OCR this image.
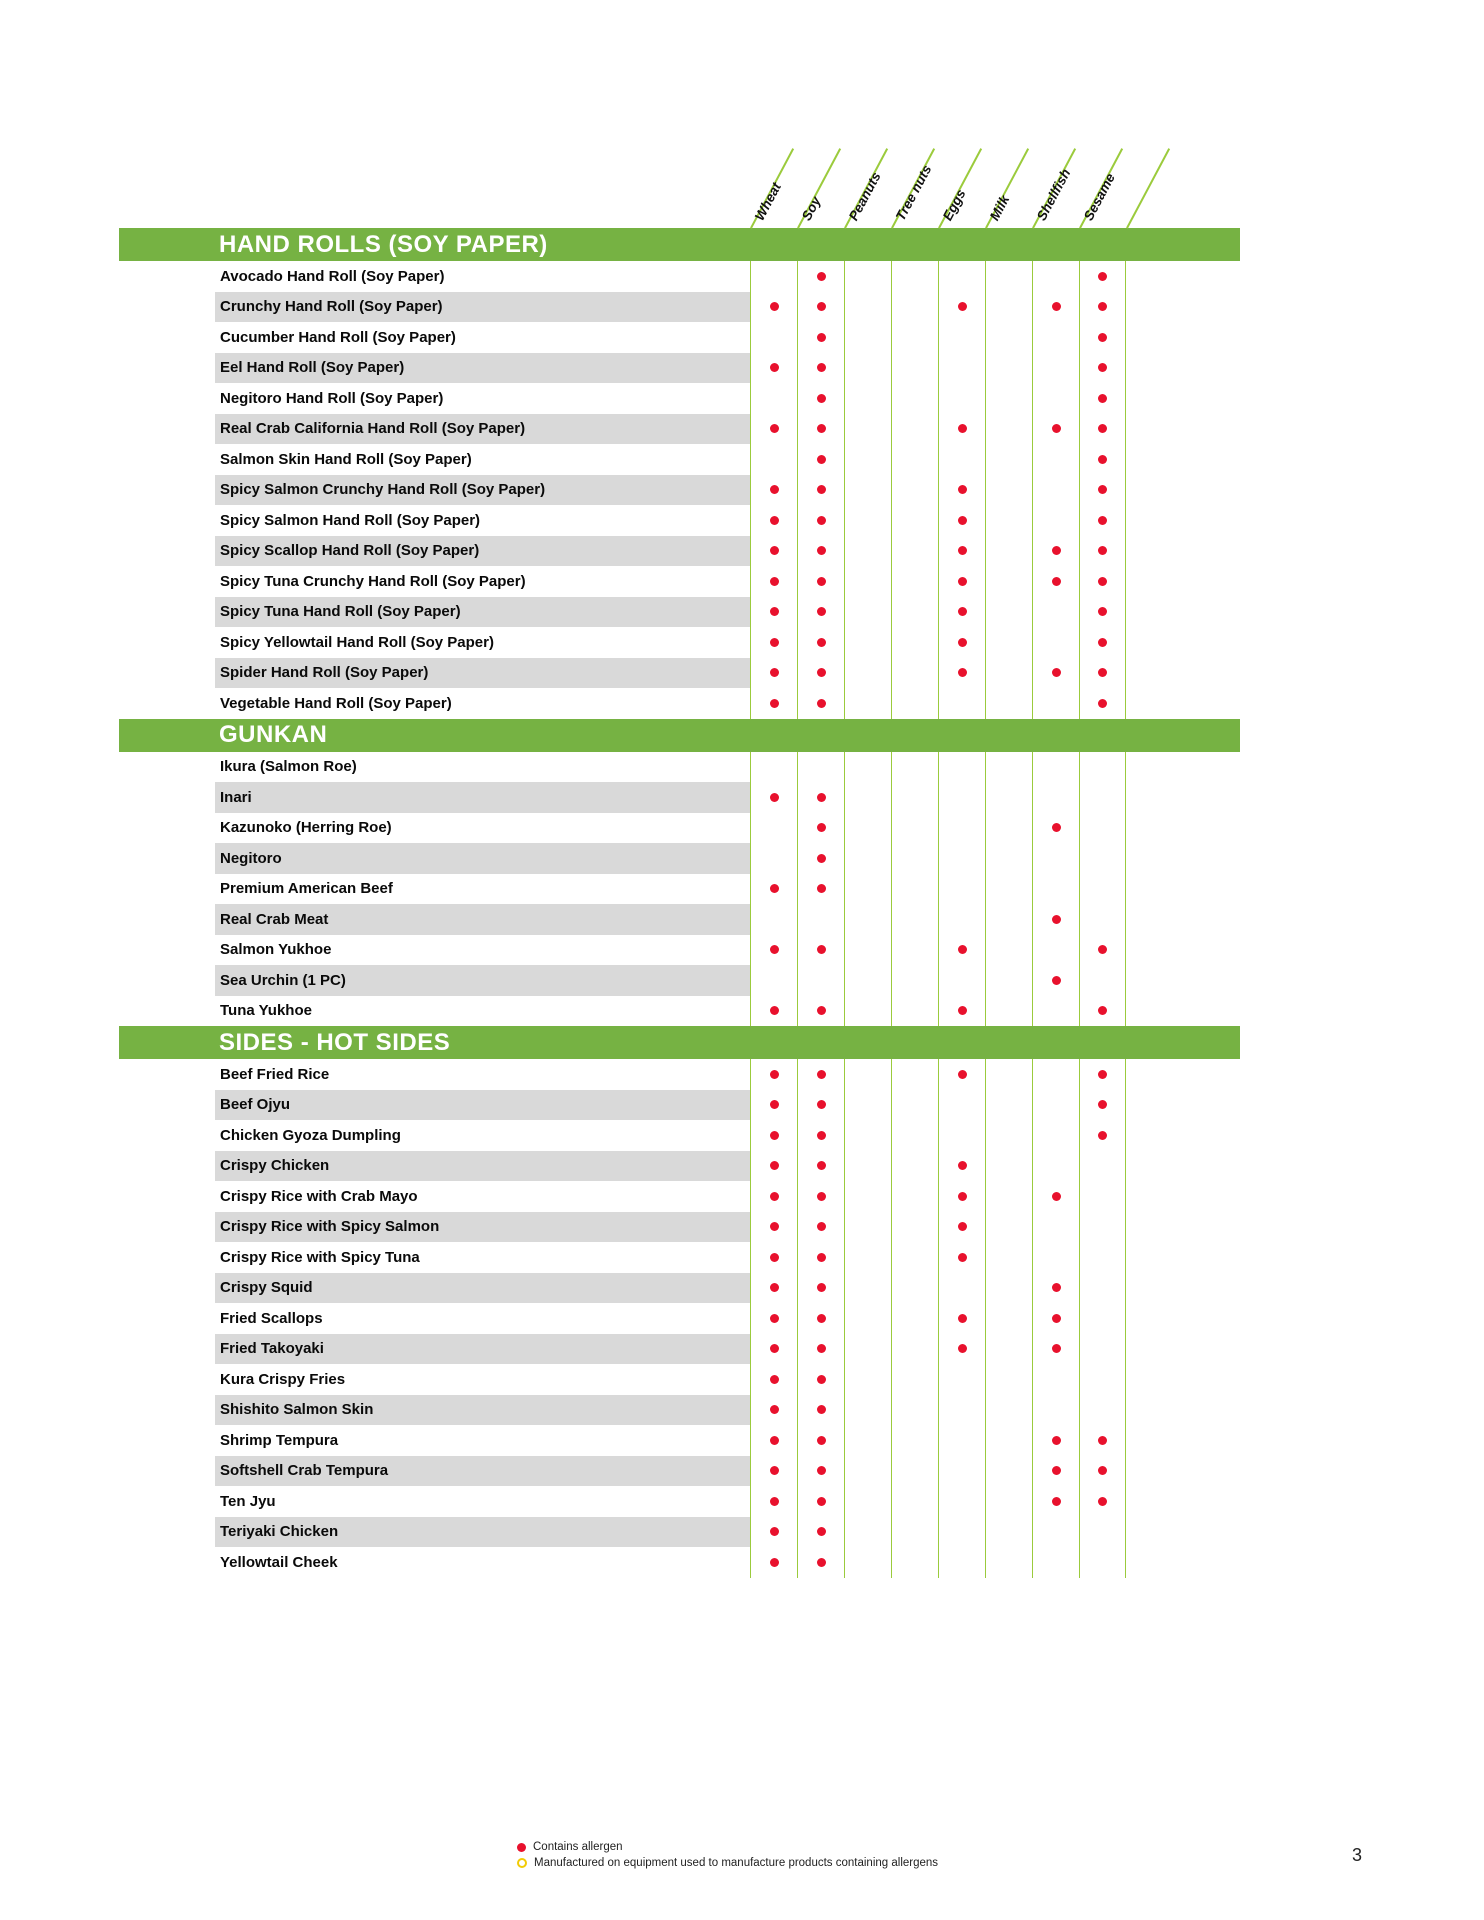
Wheat Soy Peanuts Tree nuts Eggs Milk Shellfish Sesame
HAND ROLLS (SOY PAPER)
Avocado Hand Roll (Soy Paper)
Crunchy Hand Roll (Soy Paper)
Cucumber Hand Roll (Soy Paper)
Eel Hand Roll (Soy Paper)
Negitoro Hand Roll (Soy Paper)
Real Crab California Hand Roll (Soy Paper)
Salmon Skin Hand Roll (Soy Paper)
Spicy Salmon Crunchy Hand Roll (Soy Paper)
Spicy Salmon Hand Roll (Soy Paper)
Spicy Scallop Hand Roll (Soy Paper)
Spicy Tuna Crunchy Hand Roll (Soy Paper)
Spicy Tuna Hand Roll (Soy Paper)
Spicy Yellowtail Hand Roll (Soy Paper)
Spider Hand Roll (Soy Paper)
Vegetable Hand Roll (Soy Paper)
GUNKAN
Ikura (Salmon Roe)
Inari
Kazunoko (Herring Roe)
Negitoro
Premium American Beef
Real Crab Meat
Salmon Yukhoe
Sea Urchin (1 PC)
Tuna Yukhoe
SIDES - HOT SIDES
Beef Fried Rice
Beef Ojyu
Chicken Gyoza Dumpling
Crispy Chicken
Crispy Rice with Crab Mayo
Crispy Rice with Spicy Salmon
Crispy Rice with Spicy Tuna
Crispy Squid
Fried Scallops
Fried Takoyaki
Kura Crispy Fries
Shishito Salmon Skin
Shrimp Tempura
Softshell Crab Tempura
Ten Jyu
Teriyaki Chicken
Yellowtail Cheek
Contains allergen
Manufactured on equipment used to manufacture products containing allergens	3
